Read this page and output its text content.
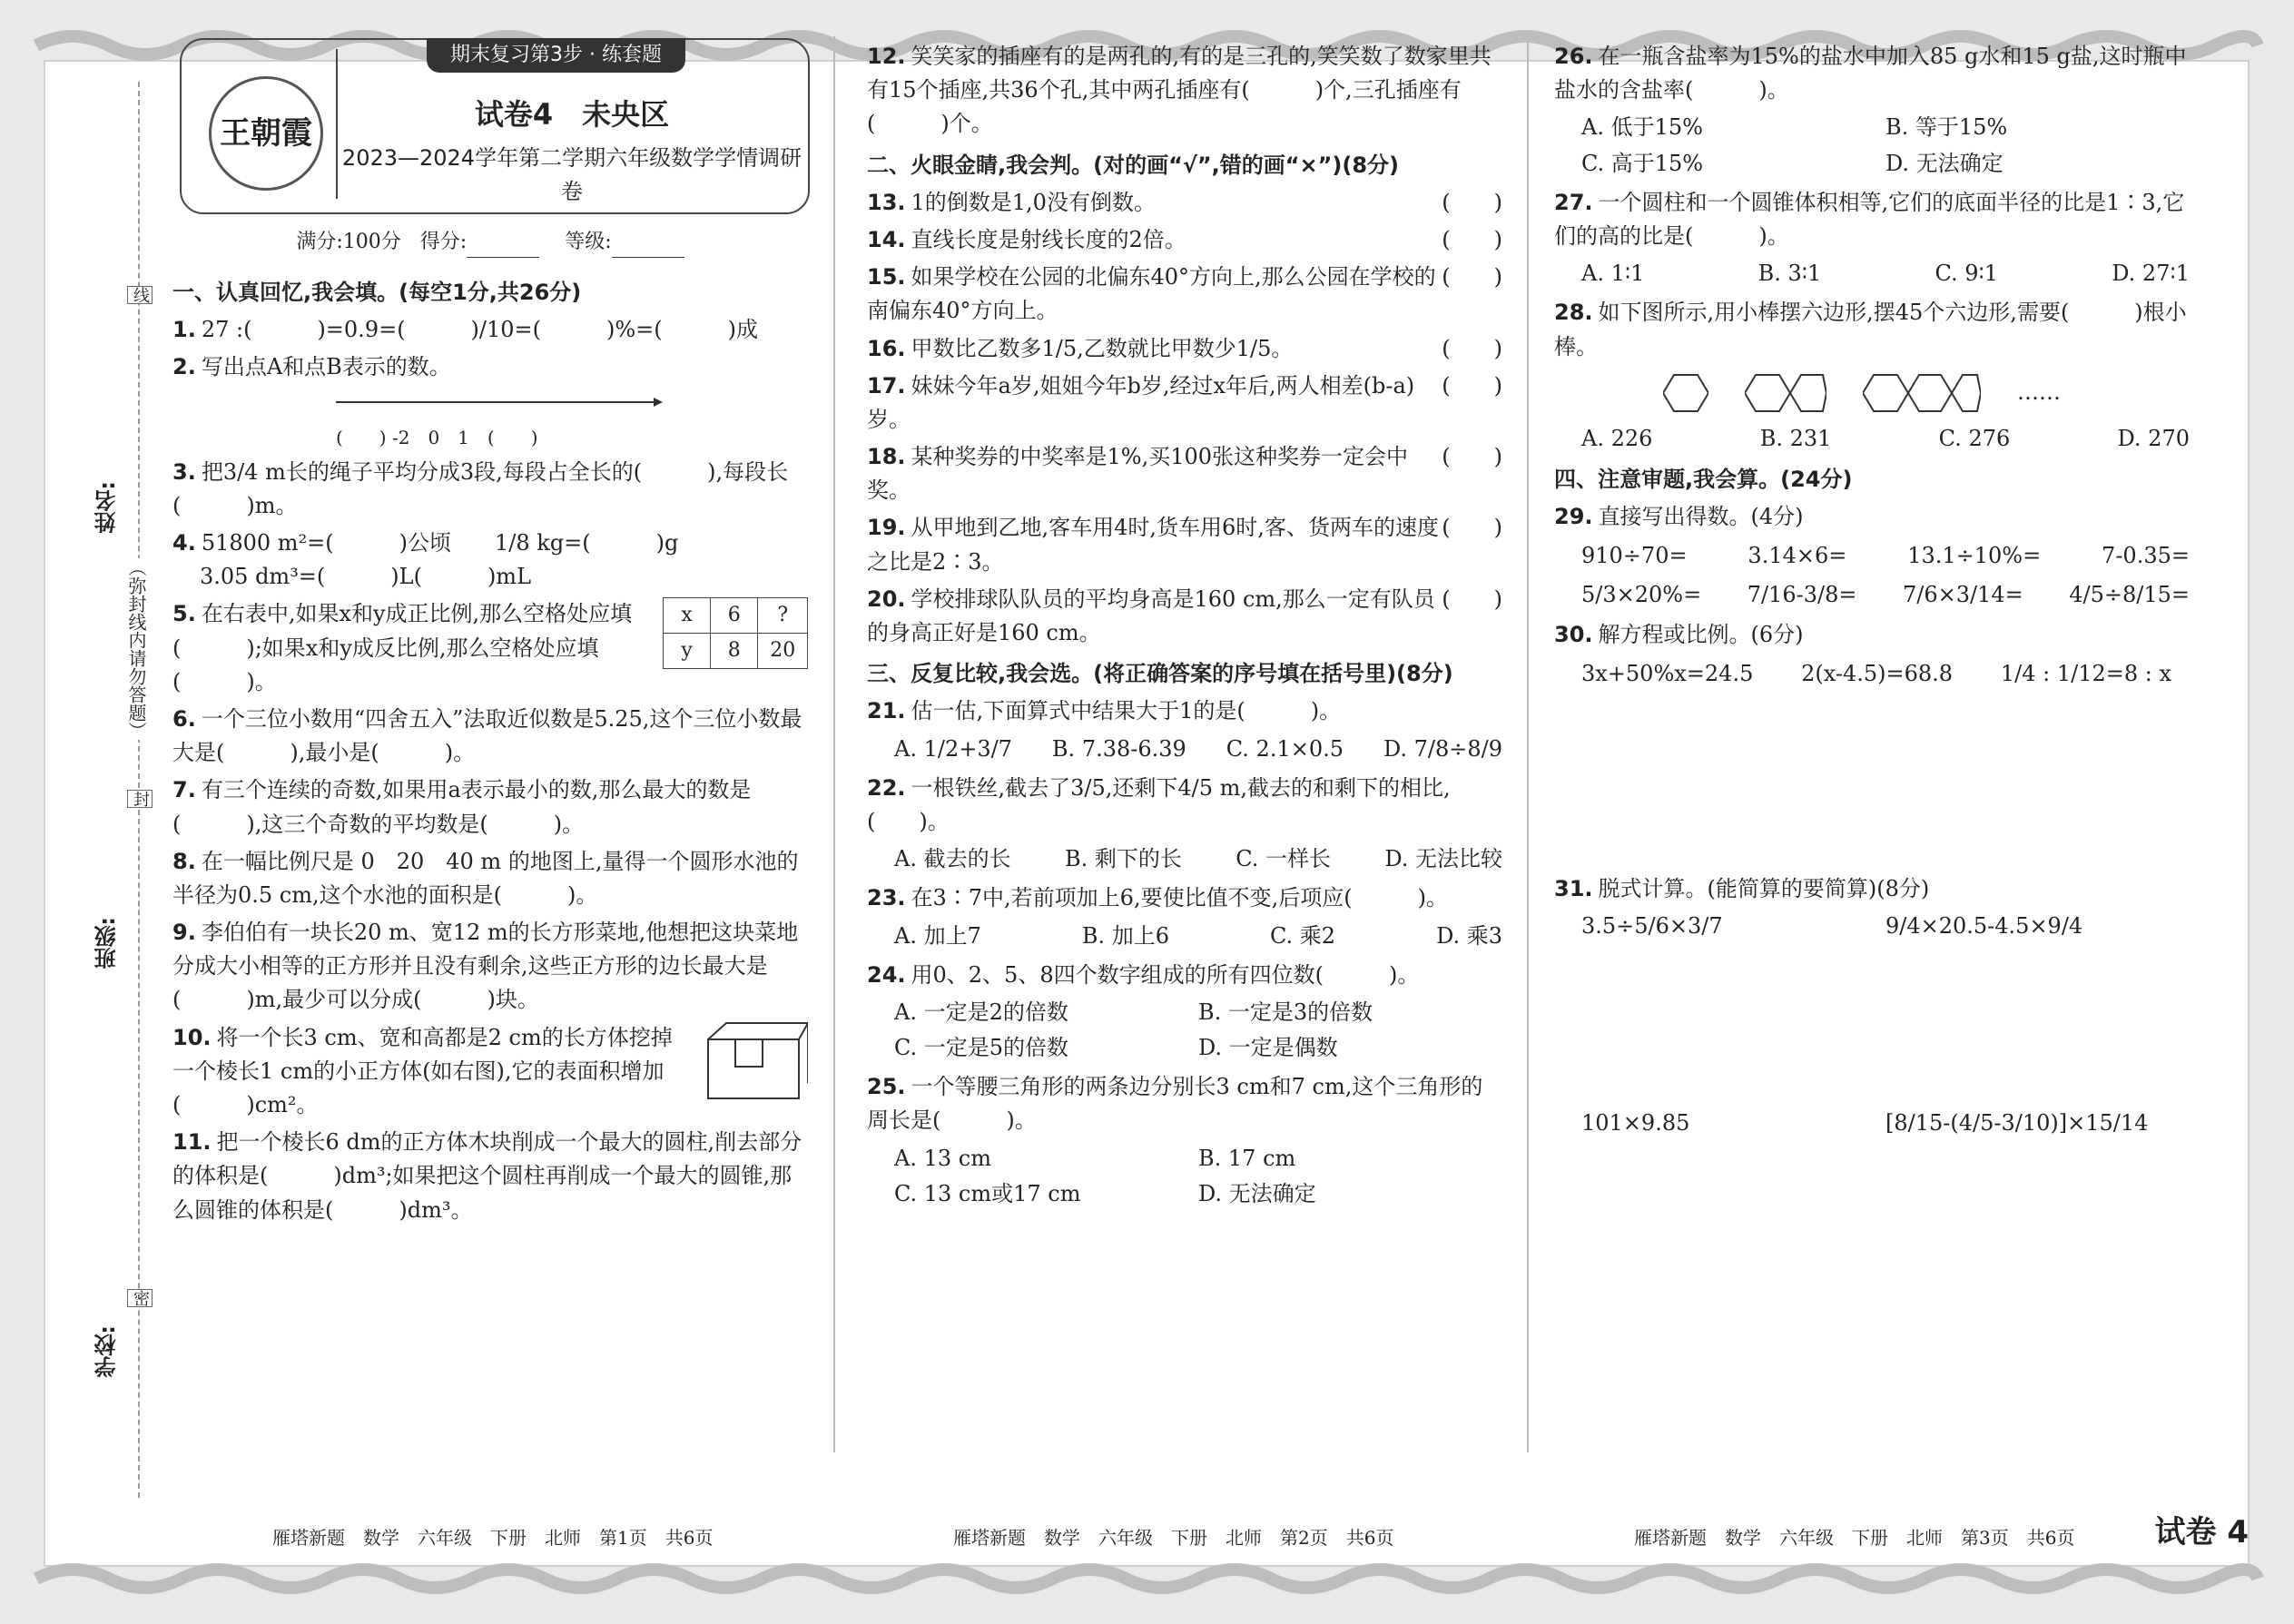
线
封
密
（弥封线内请勿答题）
姓名:
班级:
学校:
王朝霞
期末复习第3步 · 练套题
试卷4　未央区
2023—2024学年第二学期六年级数学学情调研卷
满分:100分 得分:	等级:
一、认真回忆,我会填。(每空1分,共26分)
1. 27 :(　　　)=0.9=(　　　)/10=(　　　)%=(　　　)成
2. 写出点A和点B表示的数。

(　　) -2　0　1　(　　)
3. 把3/4 m长的绳子平均分成3段,每段占全长的(　　　),每段长(　　　)m。
4. 51800 m²=(　　　)公顷　　1/8 kg=(　　　)g
3.05 dm³=(　　　)L(　　　)mL
5. 在右表中,如果x和y成正比例,那么空格处应填(　　　);如果x和y成反比例,那么空格处应填(　　　)。
x	6	?
y	8	20
6. 一个三位小数用“四舍五入”法取近似数是5.25,这个三位小数最大是(　　　),最小是(　　　)。
7. 有三个连续的奇数,如果用a表示最小的数,那么最大的数是(　　　),这三个奇数的平均数是(　　　)。
8. 在一幅比例尺是 0　20　40 m 的地图上,量得一个圆形水池的半径为0.5 cm,这个水池的面积是(　　　)。
9. 李伯伯有一块长20 m、宽12 m的长方形菜地,他想把这块菜地分成大小相等的正方形并且没有剩余,这些正方形的边长最大是(　　　)m,最少可以分成(　　　)块。
10. 将一个长3 cm、宽和高都是2 cm的长方体挖掉一个棱长1 cm的小正方体(如右图),它的表面积增加(　　　)cm²。
11. 把一个棱长6 dm的正方体木块削成一个最大的圆柱,削去部分的体积是(　　　)dm³;如果把这个圆柱再削成一个最大的圆锥,那么圆锥的体积是(　　　)dm³。
12. 笑笑家的插座有的是两孔的,有的是三孔的,笑笑数了数家里共有15个插座,共36个孔,其中两孔插座有(　　　)个,三孔插座有(　　　)个。
二、火眼金睛,我会判。(对的画“√”,错的画“×”)(8分)
13. 1的倒数是1,0没有倒数。	(　　)
14. 直线长度是射线长度的2倍。	(　　)
15. 如果学校在公园的北偏东40°方向上,那么公园在学校的南偏东40°方向上。
(　　)
16. 甲数比乙数多1/5,乙数就比甲数少1/5。	(　　)
17. 妹妹今年a岁,姐姐今年b岁,经过x年后,两人相差(b-a)岁。
(　　)
18. 某种奖券的中奖率是1%,买100张这种奖券一定会中奖。
(　　)
19. 从甲地到乙地,客车用4时,货车用6时,客、货两车的速度之比是2∶3。
(　　)
20. 学校排球队队员的平均身高是160 cm,那么一定有队员的身高正好是160 cm。
(　　)
三、反复比较,我会选。(将正确答案的序号填在括号里)(8分)
21. 估一估,下面算式中结果大于1的是(　　　)。
A. 1/2+3/7 B. 7.38-6.39 C. 2.1×0.5 D. 7/8÷8/9
22. 一根铁丝,截去了3/5,还剩下4/5 m,截去的和剩下的相比,(　　)。
A. 截去的长 B. 剩下的长 C. 一样长 D. 无法比较
23. 在3∶7中,若前项加上6,要使比值不变,后项应(　　　)。
A. 加上7	B. 加上6	C. 乘2	D. 乘3
24. 用0、2、5、8四个数字组成的所有四位数(　　　)。
A. 一定是2的倍数	B. 一定是3的倍数
C. 一定是5的倍数	D. 一定是偶数
25. 一个等腰三角形的两条边分别长3 cm和7 cm,这个三角形的周长是(　　　)。
A. 13 cm	B. 17 cm
C. 13 cm或17 cm	D. 无法确定
26. 在一瓶含盐率为15%的盐水中加入85 g水和15 g盐,这时瓶中盐水的含盐率(　　　)。
A. 低于15%	B. 等于15%
C. 高于15%	D. 无法确定
27. 一个圆柱和一个圆锥体积相等,它们的底面半径的比是1∶3,它们的高的比是(　　　)。
A. 1∶1	B. 3∶1	C. 9∶1	D. 27∶1
28. 如下图所示,用小棒摆六边形,摆45个六边形,需要(　　　)根小棒。
……
A. 226	B. 231	C. 276	D. 270
四、注意审题,我会算。(24分)
29. 直接写出得数。(4分)
910÷70=	3.14×6=	13.1÷10%=	7-0.35=
5/3×20%= 7/16-3/8= 7/6×3/14= 4/5÷8/15=
30. 解方程或比例。(6分)
3x+50%x=24.5 2(x-4.5)=68.8 1/4 : 1/12=8 : x
31. 脱式计算。(能简算的要简算)(8分)
3.5÷5/6×3/7	9/4×20.5-4.5×9/4
101×9.85	[8/15-(4/5-3/10)]×15/14
雁塔新题　数学　六年级　下册　北师　第1页　共6页	雁塔新题　数学　六年级　下册　北师　第2页　共6页	雁塔新题　数学　六年级　下册　北师　第3页　共6页	试卷 4
